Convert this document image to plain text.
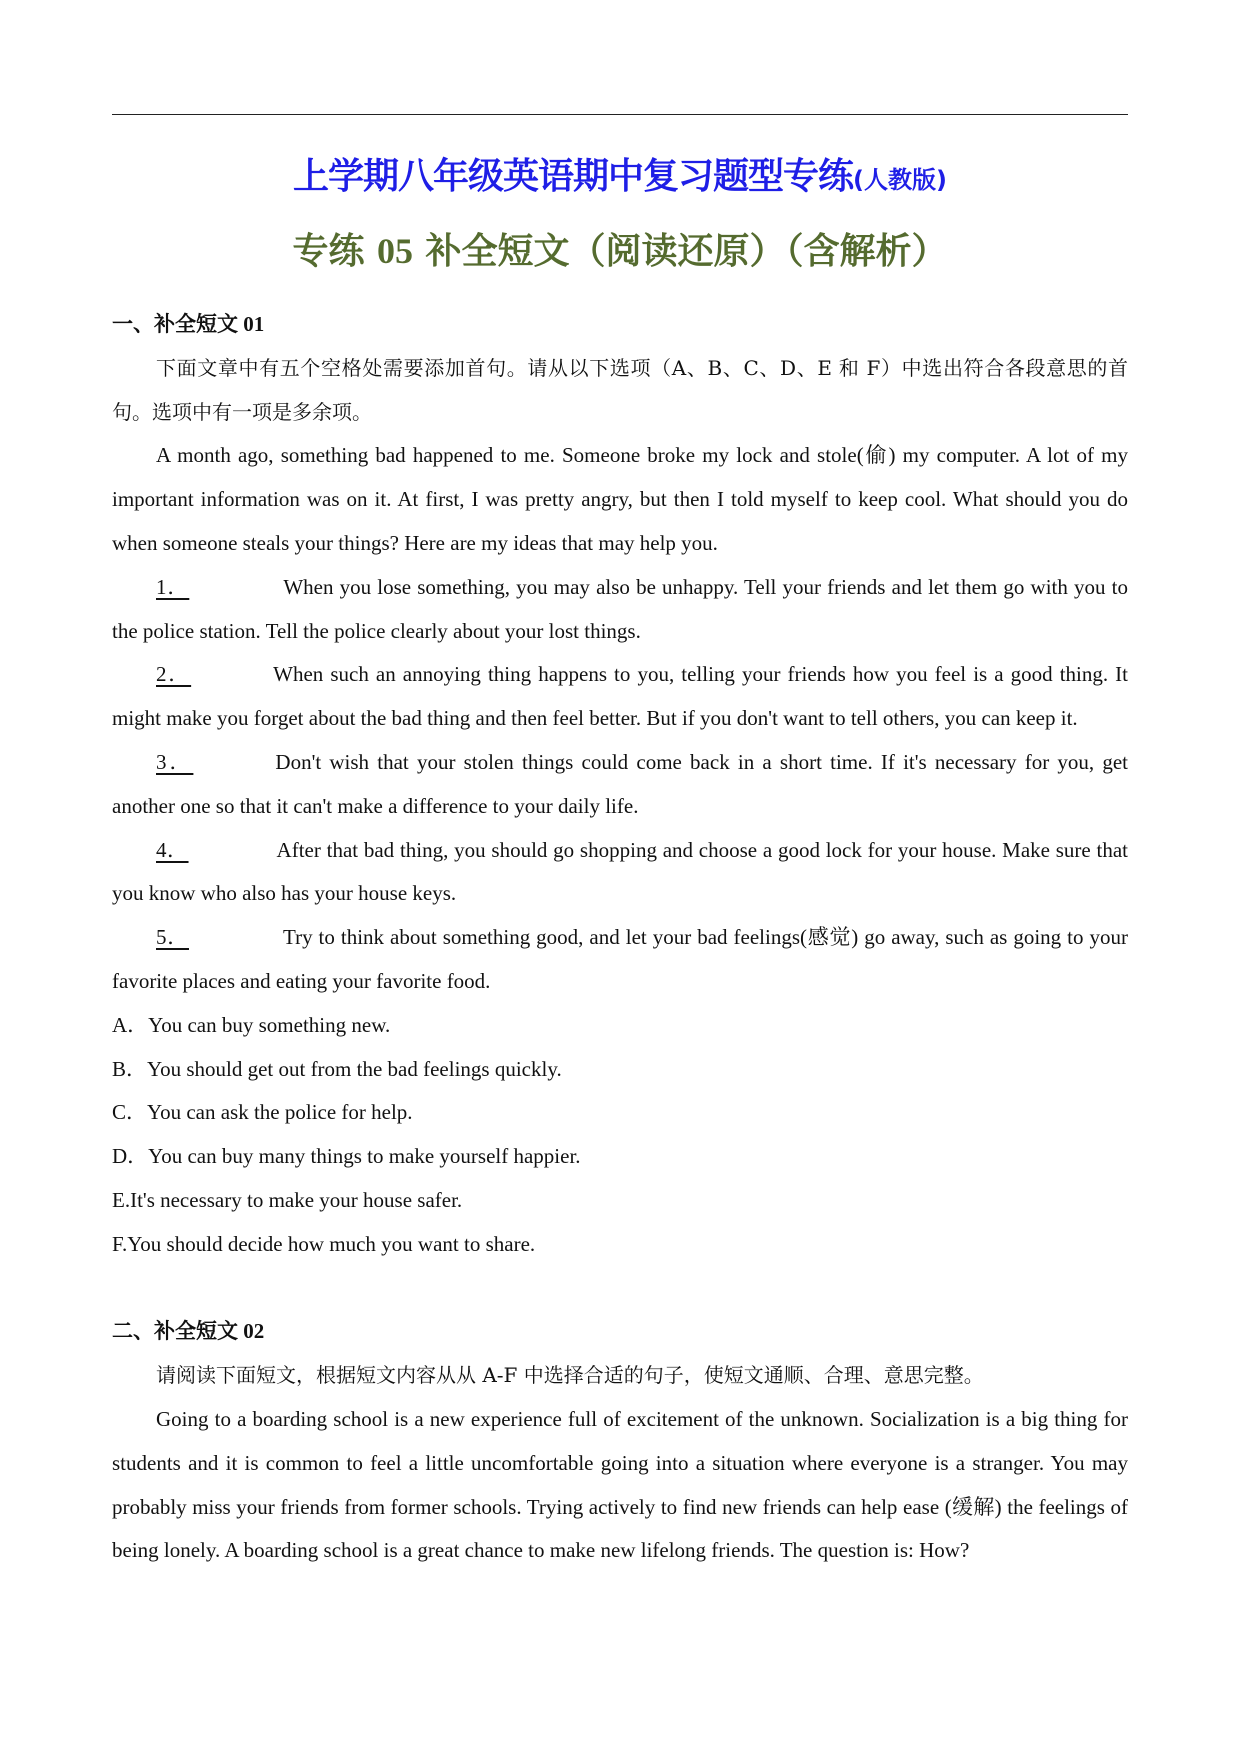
上学期八年级英语期中复习题型专练(人教版)
专练 05 补全短文（阅读还原）（含解析）

一、补全短文 01

下面文章中有五个空格处需要添加首句。请从以下选项（A、B、C、D、E 和 F）中选出符合各段意思的首句。选项中有一项是多余项。

A month ago, something bad happened to me. Someone broke my lock and stole(偷) my computer. A lot of my important information was on it. At first, I was pretty angry, but then I told myself to keep cool. What should you do when someone steals your things? Here are my ideas that may help you.

1．	When you lose something, you may also be unhappy. Tell your friends and let them go with you to the police station. Tell the police clearly about your lost things.

2．	When such an annoying thing happens to you, telling your friends how you feel is a good thing. It might make you forget about the bad thing and then feel better. But if you don't want to tell others, you can keep it.

3．	Don't wish that your stolen things could come back in a short time. If it's necessary for you, get another one so that it can't make a difference to your daily life.

4．	After that bad thing, you should go shopping and choose a good lock for your house. Make sure that you know who also has your house keys.

5．	Try to think about something good, and let your bad feelings(感觉) go away, such as going to your favorite places and eating your favorite food.

A．You can buy something new.

B．You should get out from the bad feelings quickly.

C．You can ask the police for help.

D．You can buy many things to make yourself happier.

E.It's necessary to make your house safer.

F.You should decide how much you want to share.

二、补全短文 02

请阅读下面短文，根据短文内容从从 A-F 中选择合适的句子，使短文通顺、合理、意思完整。

Going to a boarding school is a new experience full of excitement of the unknown. Socialization is a big thing for students and it is common to feel a little uncomfortable going into a situation where everyone is a stranger. You may probably miss your friends from former schools. Trying actively to find new friends can help ease (缓解) the feelings of being lonely. A boarding school is a great chance to make new lifelong friends. The question is: How?
